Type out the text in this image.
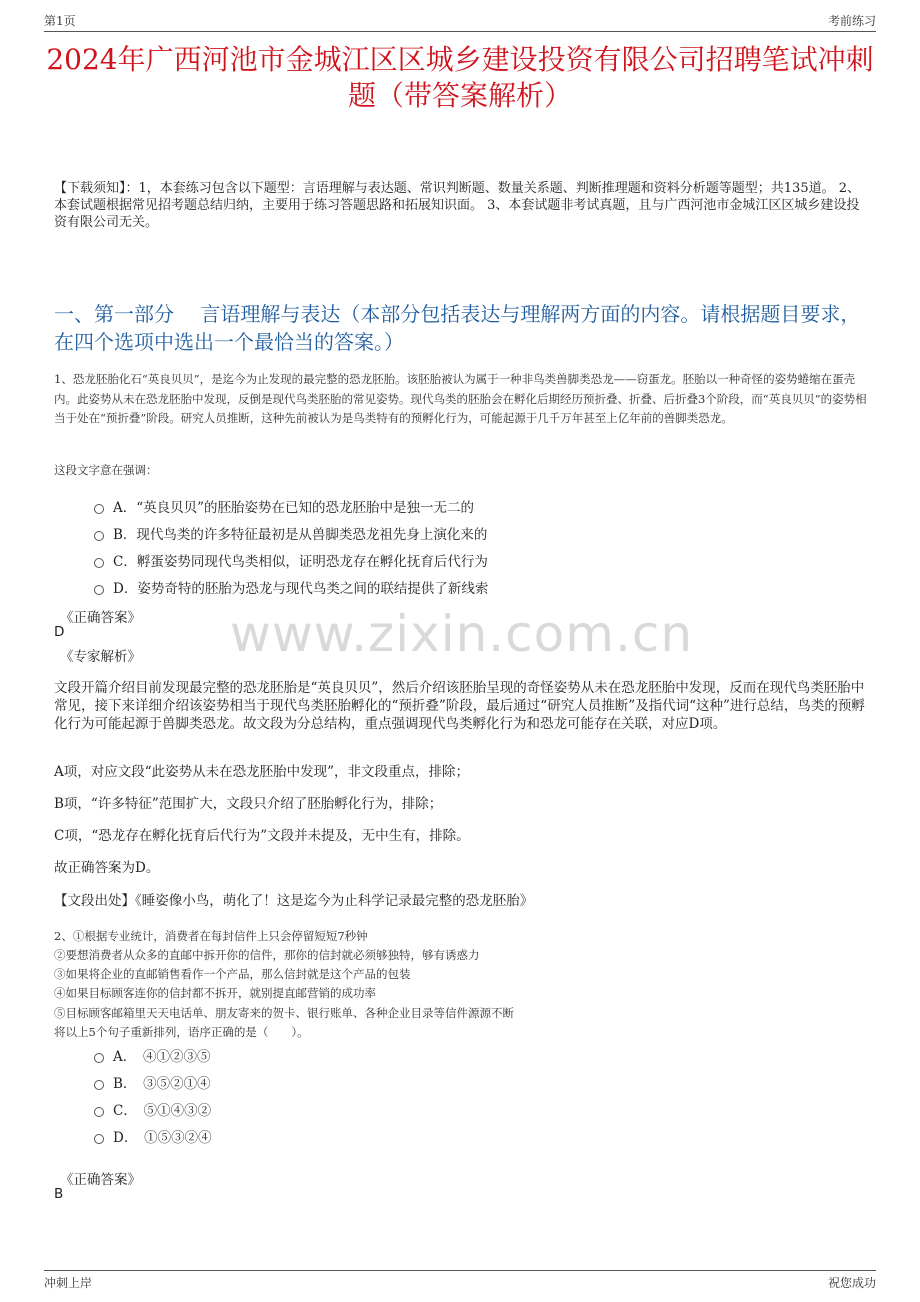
第1页	考前练习
2024年广西河池市金城江区区城乡建设投资有限公司招聘笔试冲刺题（带答案解析）
【下载须知】：1，本套练习包含以下题型：言语理解与表达题、常识判断题、数量关系题、判断推理题和资料分析题等题型；共135道。 2、本套试题根据常见招考题总结归纳，主要用于练习答题思路和拓展知识面。 3、本套试题非考试真题，且与广西河池市金城江区区城乡建设投资有限公司无关。
一、第一部分　 言语理解与表达（本部分包括表达与理解两方面的内容。请根据题目要求，在四个选项中选出一个最恰当的答案。）
1、恐龙胚胎化石“英良贝贝”，是迄今为止发现的最完整的恐龙胚胎。该胚胎被认为属于一种非鸟类兽脚类恐龙——窃蛋龙。胚胎以一种奇怪的姿势蜷缩在蛋壳内。此姿势从未在恐龙胚胎中发现，反倒是现代鸟类胚胎的常见姿势。现代鸟类的胚胎会在孵化后期经历预折叠、折叠、后折叠3个阶段，而“英良贝贝”的姿势相当于处在“预折叠”阶段。研究人员推断，这种先前被认为是鸟类特有的预孵化行为，可能起源于几千万年甚至上亿年前的兽脚类恐龙。
这段文字意在强调：
A．“英良贝贝”的胚胎姿势在已知的恐龙胚胎中是独一无二的
B．现代鸟类的许多特征最初是从兽脚类恐龙祖先身上演化来的
C．孵蛋姿势同现代鸟类相似，证明恐龙存在孵化抚育后代行为
D．姿势奇特的胚胎为恐龙与现代鸟类之间的联结提供了新线索
《正确答案》
D
《专家解析》 www.zixin.com.cn
文段开篇介绍目前发现最完整的恐龙胚胎是“英良贝贝”，然后介绍该胚胎呈现的奇怪姿势从未在恐龙胚胎中发现，反而在现代鸟类胚胎中常见，接下来详细介绍该姿势相当于现代鸟类胚胎孵化的“预折叠”阶段，最后通过“研究人员推断”及指代词“这种”进行总结，鸟类的预孵化行为可能起源于兽脚类恐龙。故文段为分总结构，重点强调现代鸟类孵化行为和恐龙可能存在关联，对应D项。
A项，对应文段“此姿势从未在恐龙胚胎中发现”，非文段重点，排除；
B项，“许多特征”范围扩大，文段只介绍了胚胎孵化行为，排除；
C项，“恐龙存在孵化抚育后代行为”文段并未提及，无中生有，排除。
故正确答案为D。
【文段出处】《睡姿像小鸟，萌化了！这是迄今为止科学记录最完整的恐龙胚胎》
2、①根据专业统计，消费者在每封信件上只会停留短短7秒钟
②要想消费者从众多的直邮中拆开你的信件，那你的信封就必须够独特，够有诱惑力
③如果将企业的直邮销售看作一个产品，那么信封就是这个产品的包装
④如果目标顾客连你的信封都不拆开，就别提直邮营销的成功率
⑤目标顾客邮箱里天天电话单、朋友寄来的贺卡、银行账单、各种企业目录等信件源源不断
将以上5个句子重新排列，语序正确的是（　　）。
A．　④①②③⑤
B．　③⑤②①④
C．　⑤①④③②
D．　①⑤③②④
《正确答案》
B
冲刺上岸	祝您成功
